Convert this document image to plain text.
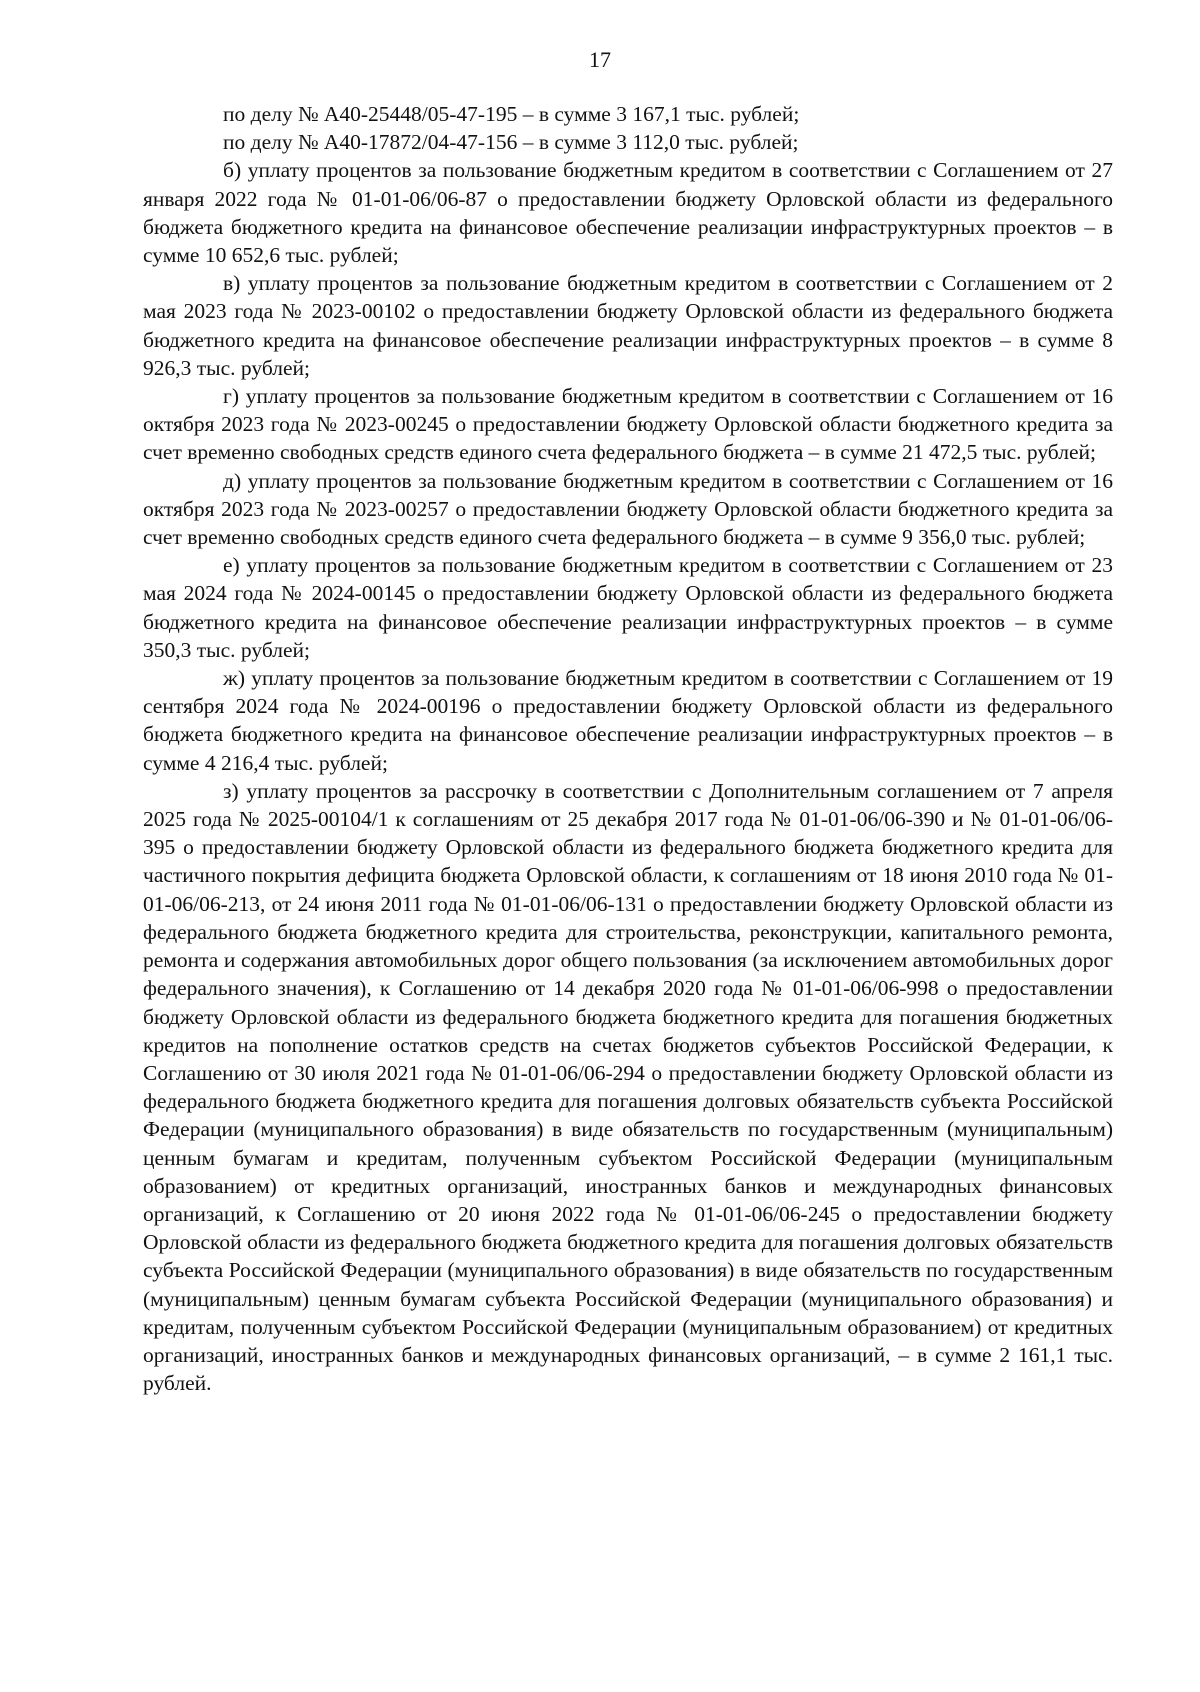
17

по делу № А40-25448/05-47-195 – в сумме 3 167,1 тыс. рублей;

по делу № А40-17872/04-47-156 – в сумме 3 112,0 тыс. рублей;

б) уплату процентов за пользование бюджетным кредитом в соответствии с Соглашением от 27 января 2022 года № 01-01-06/06-87 о предоставлении бюджету Орловской области из федерального бюджета бюджетного кредита на финансовое обеспечение реализации инфраструктурных проектов – в сумме 10 652,6 тыс. рублей;

в) уплату процентов за пользование бюджетным кредитом в соответствии с Соглашением от 2 мая 2023 года № 2023-00102 о предоставлении бюджету Орловской области из федерального бюджета бюджетного кредита на финансовое обеспечение реализации инфраструктурных проектов – в сумме 8 926,3 тыс. рублей;

г) уплату процентов за пользование бюджетным кредитом в соответствии с Соглашением от 16 октября 2023 года № 2023-00245 о предоставлении бюджету Орловской области бюджетного кредита за счет временно свободных средств единого счета федерального бюджета – в сумме 21 472,5 тыс. рублей;

д) уплату процентов за пользование бюджетным кредитом в соответствии с Соглашением от 16 октября 2023 года № 2023-00257 о предоставлении бюджету Орловской области бюджетного кредита за счет временно свободных средств единого счета федерального бюджета – в сумме 9 356,0 тыс. рублей;

е) уплату процентов за пользование бюджетным кредитом в соответствии с Соглашением от 23 мая 2024 года № 2024-00145 о предоставлении бюджету Орловской области из федерального бюджета бюджетного кредита на финансовое обеспечение реализации инфраструктурных проектов – в сумме 350,3 тыс. рублей;

ж) уплату процентов за пользование бюджетным кредитом в соответствии с Соглашением от 19 сентября 2024 года № 2024-00196 о предоставлении бюджету Орловской области из федерального бюджета бюджетного кредита на финансовое обеспечение реализации инфраструктурных проектов – в сумме 4 216,4 тыс. рублей;

з) уплату процентов за рассрочку в соответствии с Дополнительным соглашением от 7 апреля 2025 года № 2025-00104/1 к соглашениям от 25 декабря 2017 года № 01-01-06/06-390 и № 01-01-06/06-395 о предоставлении бюджету Орловской области из федерального бюджета бюджетного кредита для частичного покрытия дефицита бюджета Орловской области, к соглашениям от 18 июня 2010 года № 01-01-06/06-213, от 24 июня 2011 года № 01-01-06/06-131 о предоставлении бюджету Орловской области из федерального бюджета бюджетного кредита для строительства, реконструкции, капитального ремонта, ремонта и содержания автомобильных дорог общего пользования (за исключением автомобильных дорог федерального значения), к Соглашению от 14 декабря 2020 года № 01-01-06/06-998 о предоставлении бюджету Орловской области из федерального бюджета бюджетного кредита для погашения бюджетных кредитов на пополнение остатков средств на счетах бюджетов субъектов Российской Федерации, к Соглашению от 30 июля 2021 года № 01-01-06/06-294 о предоставлении бюджету Орловской области из федерального бюджета бюджетного кредита для погашения долговых обязательств субъекта Российской Федерации (муниципального образования) в виде обязательств по государственным (муниципальным) ценным бумагам и кредитам, полученным субъектом Российской Федерации (муниципальным образованием) от кредитных организаций, иностранных банков и международных финансовых организаций, к Соглашению от 20 июня 2022 года № 01-01-06/06-245 о предоставлении бюджету Орловской области из федерального бюджета бюджетного кредита для погашения долговых обязательств субъекта Российской Федерации (муниципального образования) в виде обязательств по государственным (муниципальным) ценным бумагам субъекта Российской Федерации (муниципального образования) и кредитам, полученным субъектом Российской Федерации (муниципальным образованием) от кредитных организаций, иностранных банков и международных финансовых организаций, – в сумме 2 161,1 тыс. рублей.
